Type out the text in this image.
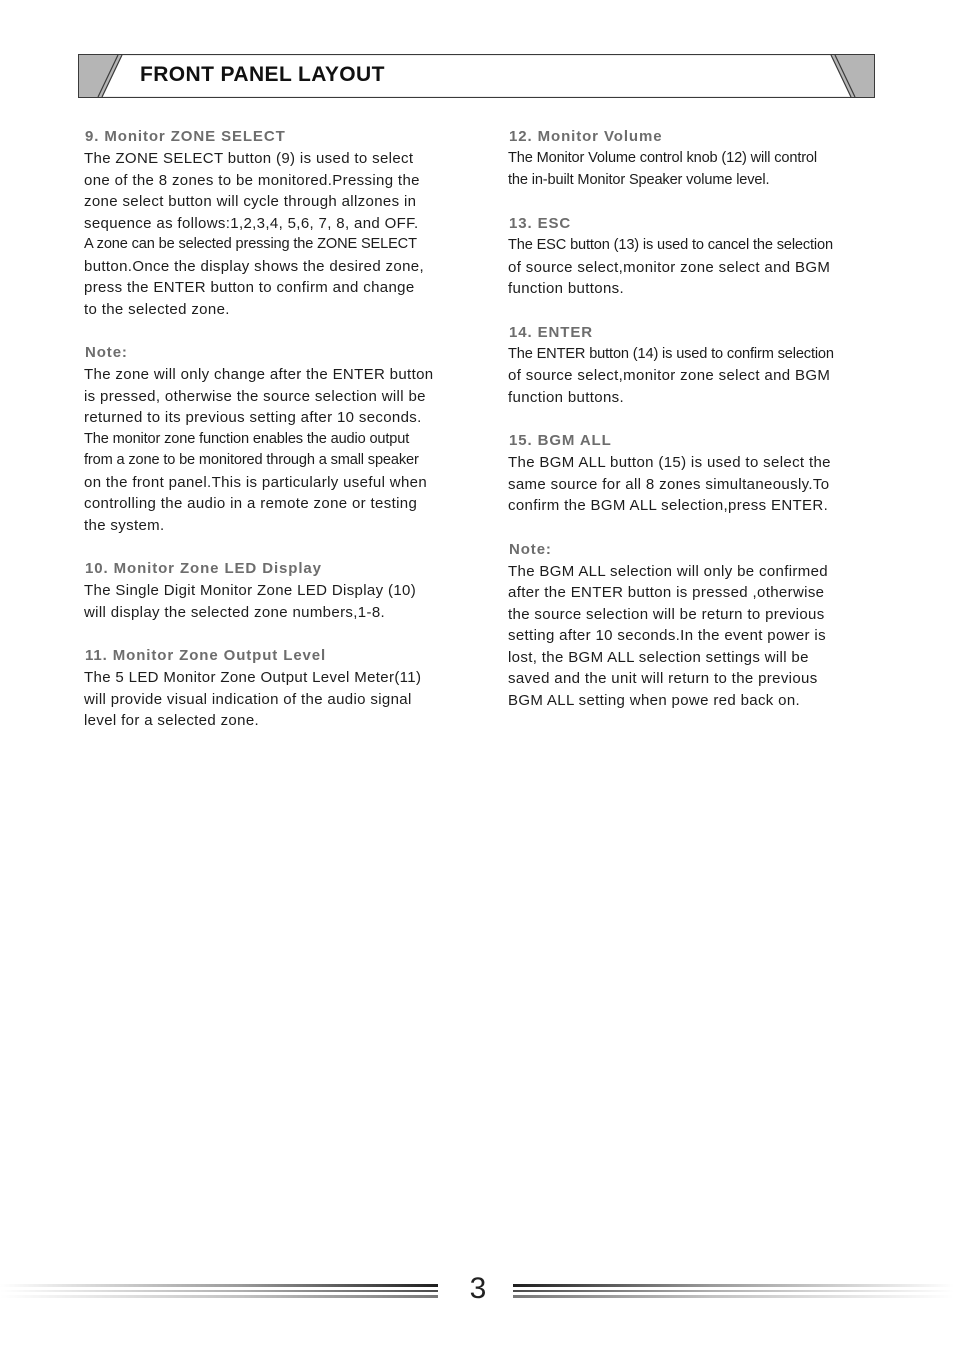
FRONT PANEL LAYOUT
9. Monitor ZONE SELECT

The ZONE SELECT button (9) is used to select
one of the 8 zones to be monitored.Pressing the
zone select button will cycle through allzones in
sequence as follows:1,2,3,4, 5,6, 7, 8, and OFF.
A zone can be selected pressing the ZONE SELECT
button.Once the display shows the desired zone,
press the ENTER button to confirm and change
to the selected zone.

Note:

The zone will only change after the ENTER button
is pressed, otherwise the source selection will be
returned to its previous setting after 10 seconds.
The monitor zone function enables the audio output
from a zone to be monitored through a small speaker
on the front panel.This is particularly useful when
controlling the audio in a remote zone or testing
the system.

10. Monitor Zone LED Display

The Single Digit Monitor Zone LED Display (10)
will display the selected zone numbers,1-8.

11. Monitor Zone Output Level

The 5 LED Monitor Zone Output Level Meter(11)
will provide visual indication of the audio signal
level for a selected zone.

12. Monitor Volume

The Monitor Volume control knob (12) will control
the in-built Monitor Speaker volume level.

13. ESC

The ESC button (13) is used to cancel the selection
of source select,monitor zone select and BGM
function buttons.

14. ENTER

The ENTER button (14) is used to confirm selection
of source select,monitor zone select and BGM
function buttons.

15. BGM ALL

The BGM ALL button (15) is used to select the
same source for all 8 zones simultaneously.To
confirm the BGM ALL selection,press ENTER.

Note:

The BGM ALL selection will only be confirmed
after the ENTER button is pressed ,otherwise
the source selection will be return to previous
setting after 10 seconds.In the event power is
lost, the BGM ALL selection settings will be
saved and the unit will return to the previous
BGM ALL setting when powe red back on.

3
